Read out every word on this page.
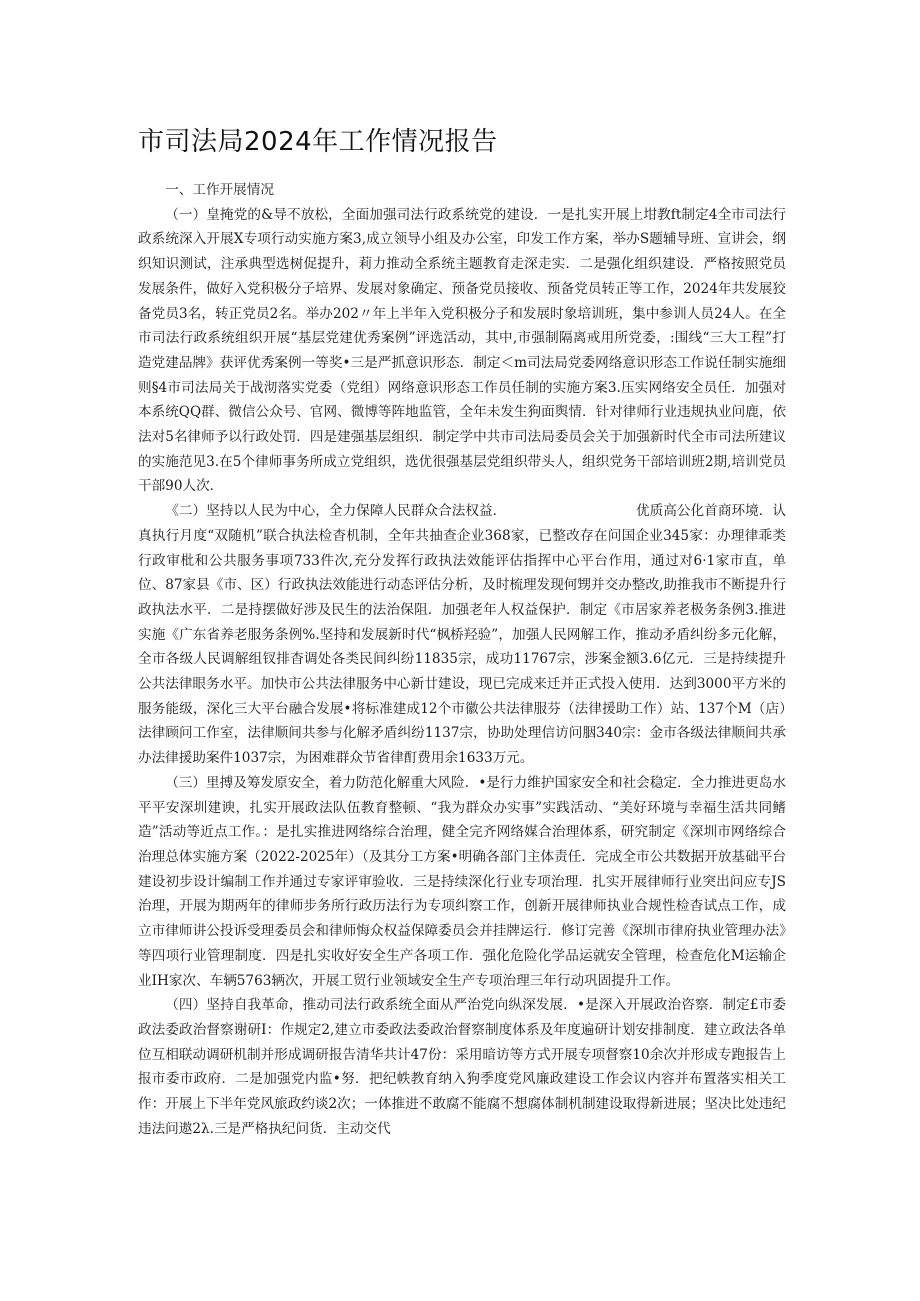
市司法局2024年工作情况报告

一、工作开展情况

（一）皇掩党的&导不放松，全面加强司法行政系统党的建设．一是扎实开展上坩教ft制定4全市司法行政系统深入开展X专项行动实施方案3,成立领导小组及办公室，印发工作方案，举办S题辅导班、宣讲会，纲织知识测试，注承典型选树促提升，莉力推动全系统主题教育走深走实．二是强化组织建设．严格按照党员发展条件，做好入党积极分子培界、发展对象确定、预备党员接收、预备党员转正等工作，2024年共发展狡备党员3名，转正党员2名。举办202〃年上半年入党积极分子和发展时象培训班，集中参训人员24人。在全市司法行政系统组织开展“基层党建优秀案例”评选活动，其中,市强制隔离戒用所党委，:围线“三大工程”打造党建品牌》获评优秀案例一等奖•三是严抓意识形态．制定＜m司法局党委网络意识形态工作说任制实施细则§4市司法局关于战沏落实党委（党组）网络意识形态工作员任制的实施方案3.压实网络安全员任．加强对本系统QQ群、微信公众号、官网、微博等阵地监管，全年未发生狗面舆情．针对律师行业违规执业问鹿，依法对5名律师予以行政处罚．四是建强基层组织．制定学中共市司法局委员会关于加强新时代全市司法所建议的实施范见3.在5个律师事务所成立党组织，选优很强基层党组织带头人，组织党务干部培训班2期,培训党员干部90人次．

《二）坚持以人民为中心，全力保障人民群众合法权益．　　　　　　　　　　优质高公化首商环境．认真执行月度“双随机”联合执法检杳机制，全年共抽查企业368家，已整改存在问国企业345家：办理律乖类行政审枇和公共服务事项733件次,充分发挥行政执法效能评估指挥中心平台作用，通过对6·1家市直，单位、87家县《市、区）行政执法效能进行动态评估分析，及时梳理发现何甥并交办整改,助推我市不断提升行政执法水平．二是持摆做好涉及民生的法治保阻．加强老年人权益保护．制定《市居家养老极务条例3.推进实施《广东省养老服务条例%.坚持和发展新时代“枫桥羟验”，加强人民网解工作，推动矛盾纠纷多元化解，全市各级人民调解组钗排杳调处各类民间纠纷11835宗，成功11767宗，涉案金额3.6亿元．三是持续提升公共法律眼务水平。加快市公共法律服务中心新廿建设，现已完成来迁并正式投入使用．达到3000平方米的服务能级，深化三大平台融合发展•将标准建成12个市徽公共法律服芬（法律援助工作）站、137个M（店）法律顾问工作室，法律顺间共参与化解矛盾纠纷1137宗，协助处理信访问胭340宗：金市各级法律顺间共承办法律援助案件1037宗，为困难群众节省律酊费用余1633万元。

（三）里搏及筹发原安全，着力防范化解重大风险．•是行力维护国家安全和社会稳定．全力推进更岛水平平安深圳建谀，扎实开展政法队伍教育整顿、“我为群众办实事”实践活动、“美好环境与幸福生活共同鳍造”活动等近点工作。：是扎实推进网络综合治理，健全完齐网络媒合治理体系，研究制定《深圳市网络综合治理总体实施方案（2022-2025年）（及其分工方案•明确各部门主体责任．完成全市公共数据开放基础平台建设初步设计编制工作并通过专家评审验收．三是持续深化行业专项治理．扎实开展律师行业突出问应专JS治理，开展为期两年的律师步务所行政历法行为专项纠察工作，创新开展律师执业合规性检杳试点工作，成立市律师讲公投诉受理委员会和律师悔众权益保障委员会并挂牌运行．修订完善《深圳市律府执业管理办法》等四项行业管理制度．四是扎实收好安全生产各项工作．强化危险化学品运就安全管理，检查危化M运输企业IH家次、车辆5763辆次，开展工贸行业领域安全生产专项治理三年行动巩固提升工作。

（四）坚持自我革命，推动司法行政系统全面从严治党向纵深发展．•是深入开展政治咨察．制定£市委政法委政治督察谢研I：作规定2,建立市委政法委政治督察制度体系及年度遍研计划安排制度．建立政法各单位互相联动调研机制并形成调研报告清华共计47份：采用暗访等方式开展专项督察10余次并形成专跑报告上报市委市政府．二是加强党内监•努．把纪帙教育纳入狗季度党风廉政建设工作会议内容并布置落实相关工作：开展上下半年党风旅政约谈2次；一体推进不敢腐不能腐不想腐体制机制建设取得新进展；坚决比处违纪违法问遨2λ.三是严格执纪问货．主动交代
